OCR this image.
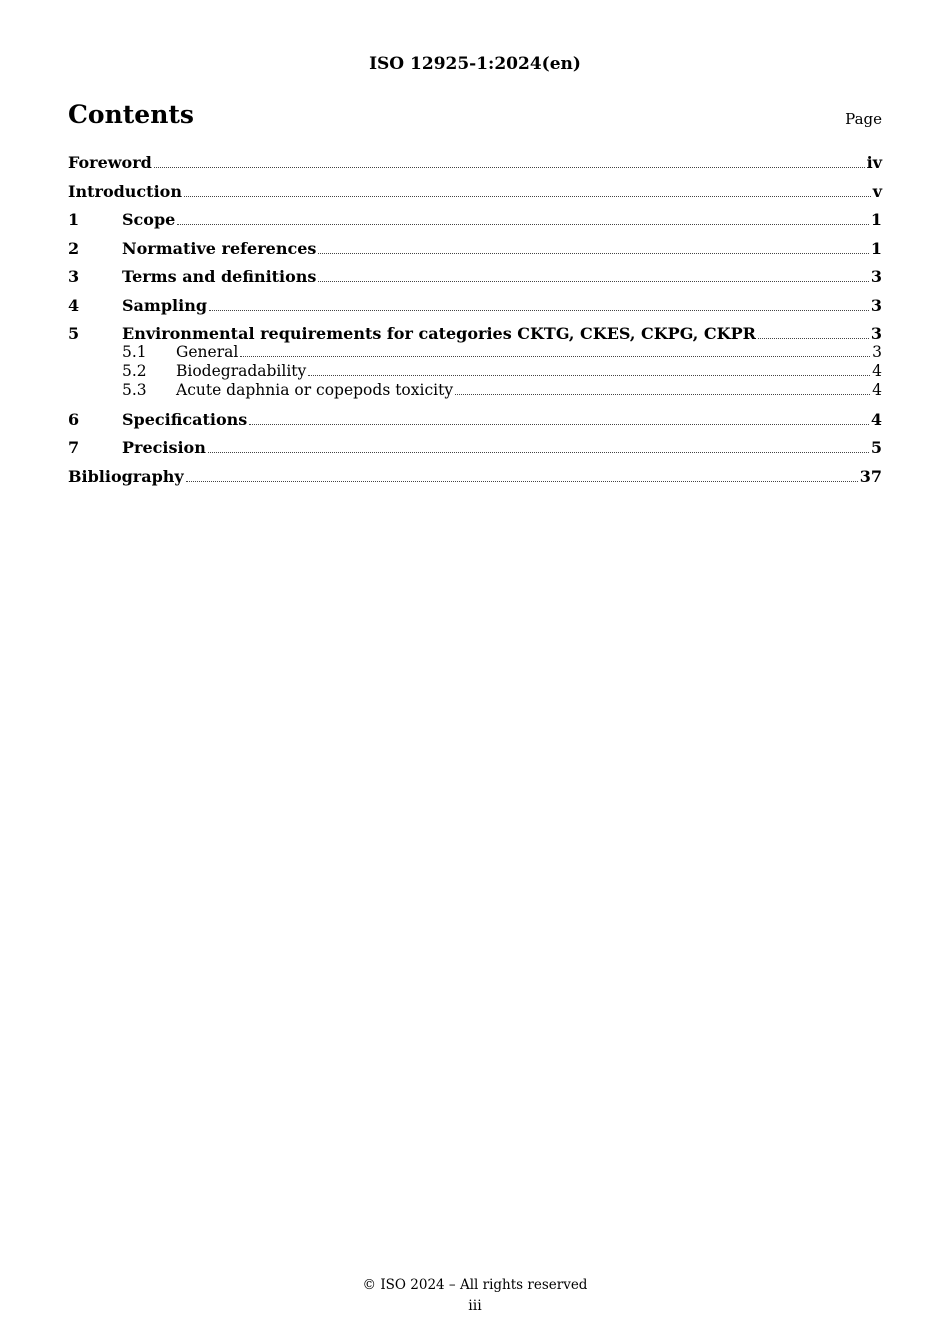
ISO 12925-1:2024(en)
Contents	Page
Foreword	iv
Introduction	v
1	Scope	1
2	Normative references	1
3	Terms and definitions	3
4	Sampling	3
5	Environmental requirements for categories CKTG, CKES, CKPG, CKPR	3
5.1	General	3
5.2	Biodegradability	4
5.3	Acute daphnia or copepods toxicity	4
6	Specifications	4
7	Precision	5
Bibliography	37
© ISO 2024 – All rights reserved
iii
